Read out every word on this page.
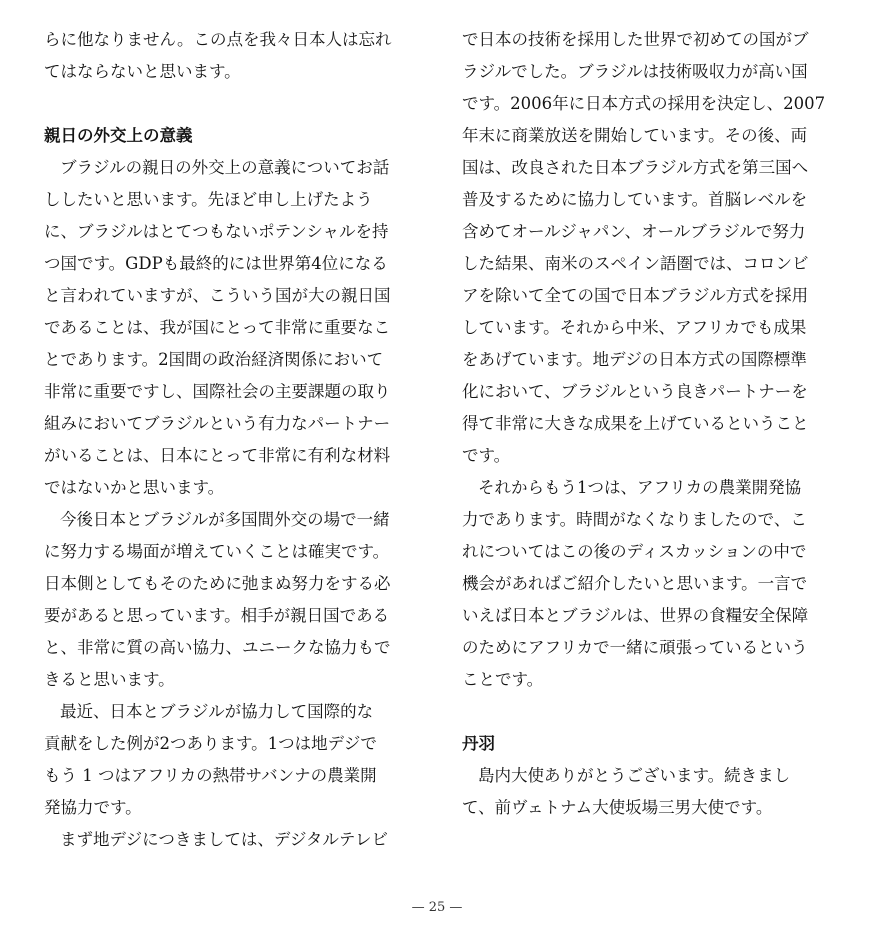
らに他なりません。この点を我々日本人は忘れ
てはならないと思います。
親日の外交上の意義
ブラジルの親日の外交上の意義についてお話
ししたいと思います。先ほど申し上げたよう
に、ブラジルはとてつもないポテンシャルを持
つ国です。GDPも最終的には世界第4位になる
と言われていますが、こういう国が大の親日国
であることは、我が国にとって非常に重要なこ
とであります。2国間の政治経済関係において
非常に重要ですし、国際社会の主要課題の取り
組みにおいてブラジルという有力なパートナー
がいることは、日本にとって非常に有利な材料
ではないかと思います。
今後日本とブラジルが多国間外交の場で一緒
に努力する場面が増えていくことは確実です。
日本側としてもそのために弛まぬ努力をする必
要があると思っています。相手が親日国である
と、非常に質の高い協力、ユニークな協力もで
きると思います。
最近、日本とブラジルが協力して国際的な
貢献をした例が2つあります。1つは地デジで
もう 1 つはアフリカの熱帯サバンナの農業開
発協力です。
まず地デジにつきましては、デジタルテレビ
で日本の技術を採用した世界で初めての国がブ
ラジルでした。ブラジルは技術吸収力が高い国
です。2006年に日本方式の採用を決定し、2007
年末に商業放送を開始しています。その後、両
国は、改良された日本ブラジル方式を第三国へ
普及するために協力しています。首脳レベルを
含めてオールジャパン、オールブラジルで努力
した結果、南米のスペイン語圏では、コロンビ
アを除いて全ての国で日本ブラジル方式を採用
しています。それから中米、アフリカでも成果
をあげています。地デジの日本方式の国際標準
化において、ブラジルという良きパートナーを
得て非常に大きな成果を上げているということ
です。
それからもう1つは、アフリカの農業開発協
力であります。時間がなくなりましたので、こ
れについてはこの後のディスカッションの中で
機会があればご紹介したいと思います。一言で
いえば日本とブラジルは、世界の食糧安全保障
のためにアフリカで一緒に頑張っているという
ことです。
丹羽
島内大使ありがとうございます。続きまし
て、前ヴェトナム大使坂場三男大使です。
— 25 —
